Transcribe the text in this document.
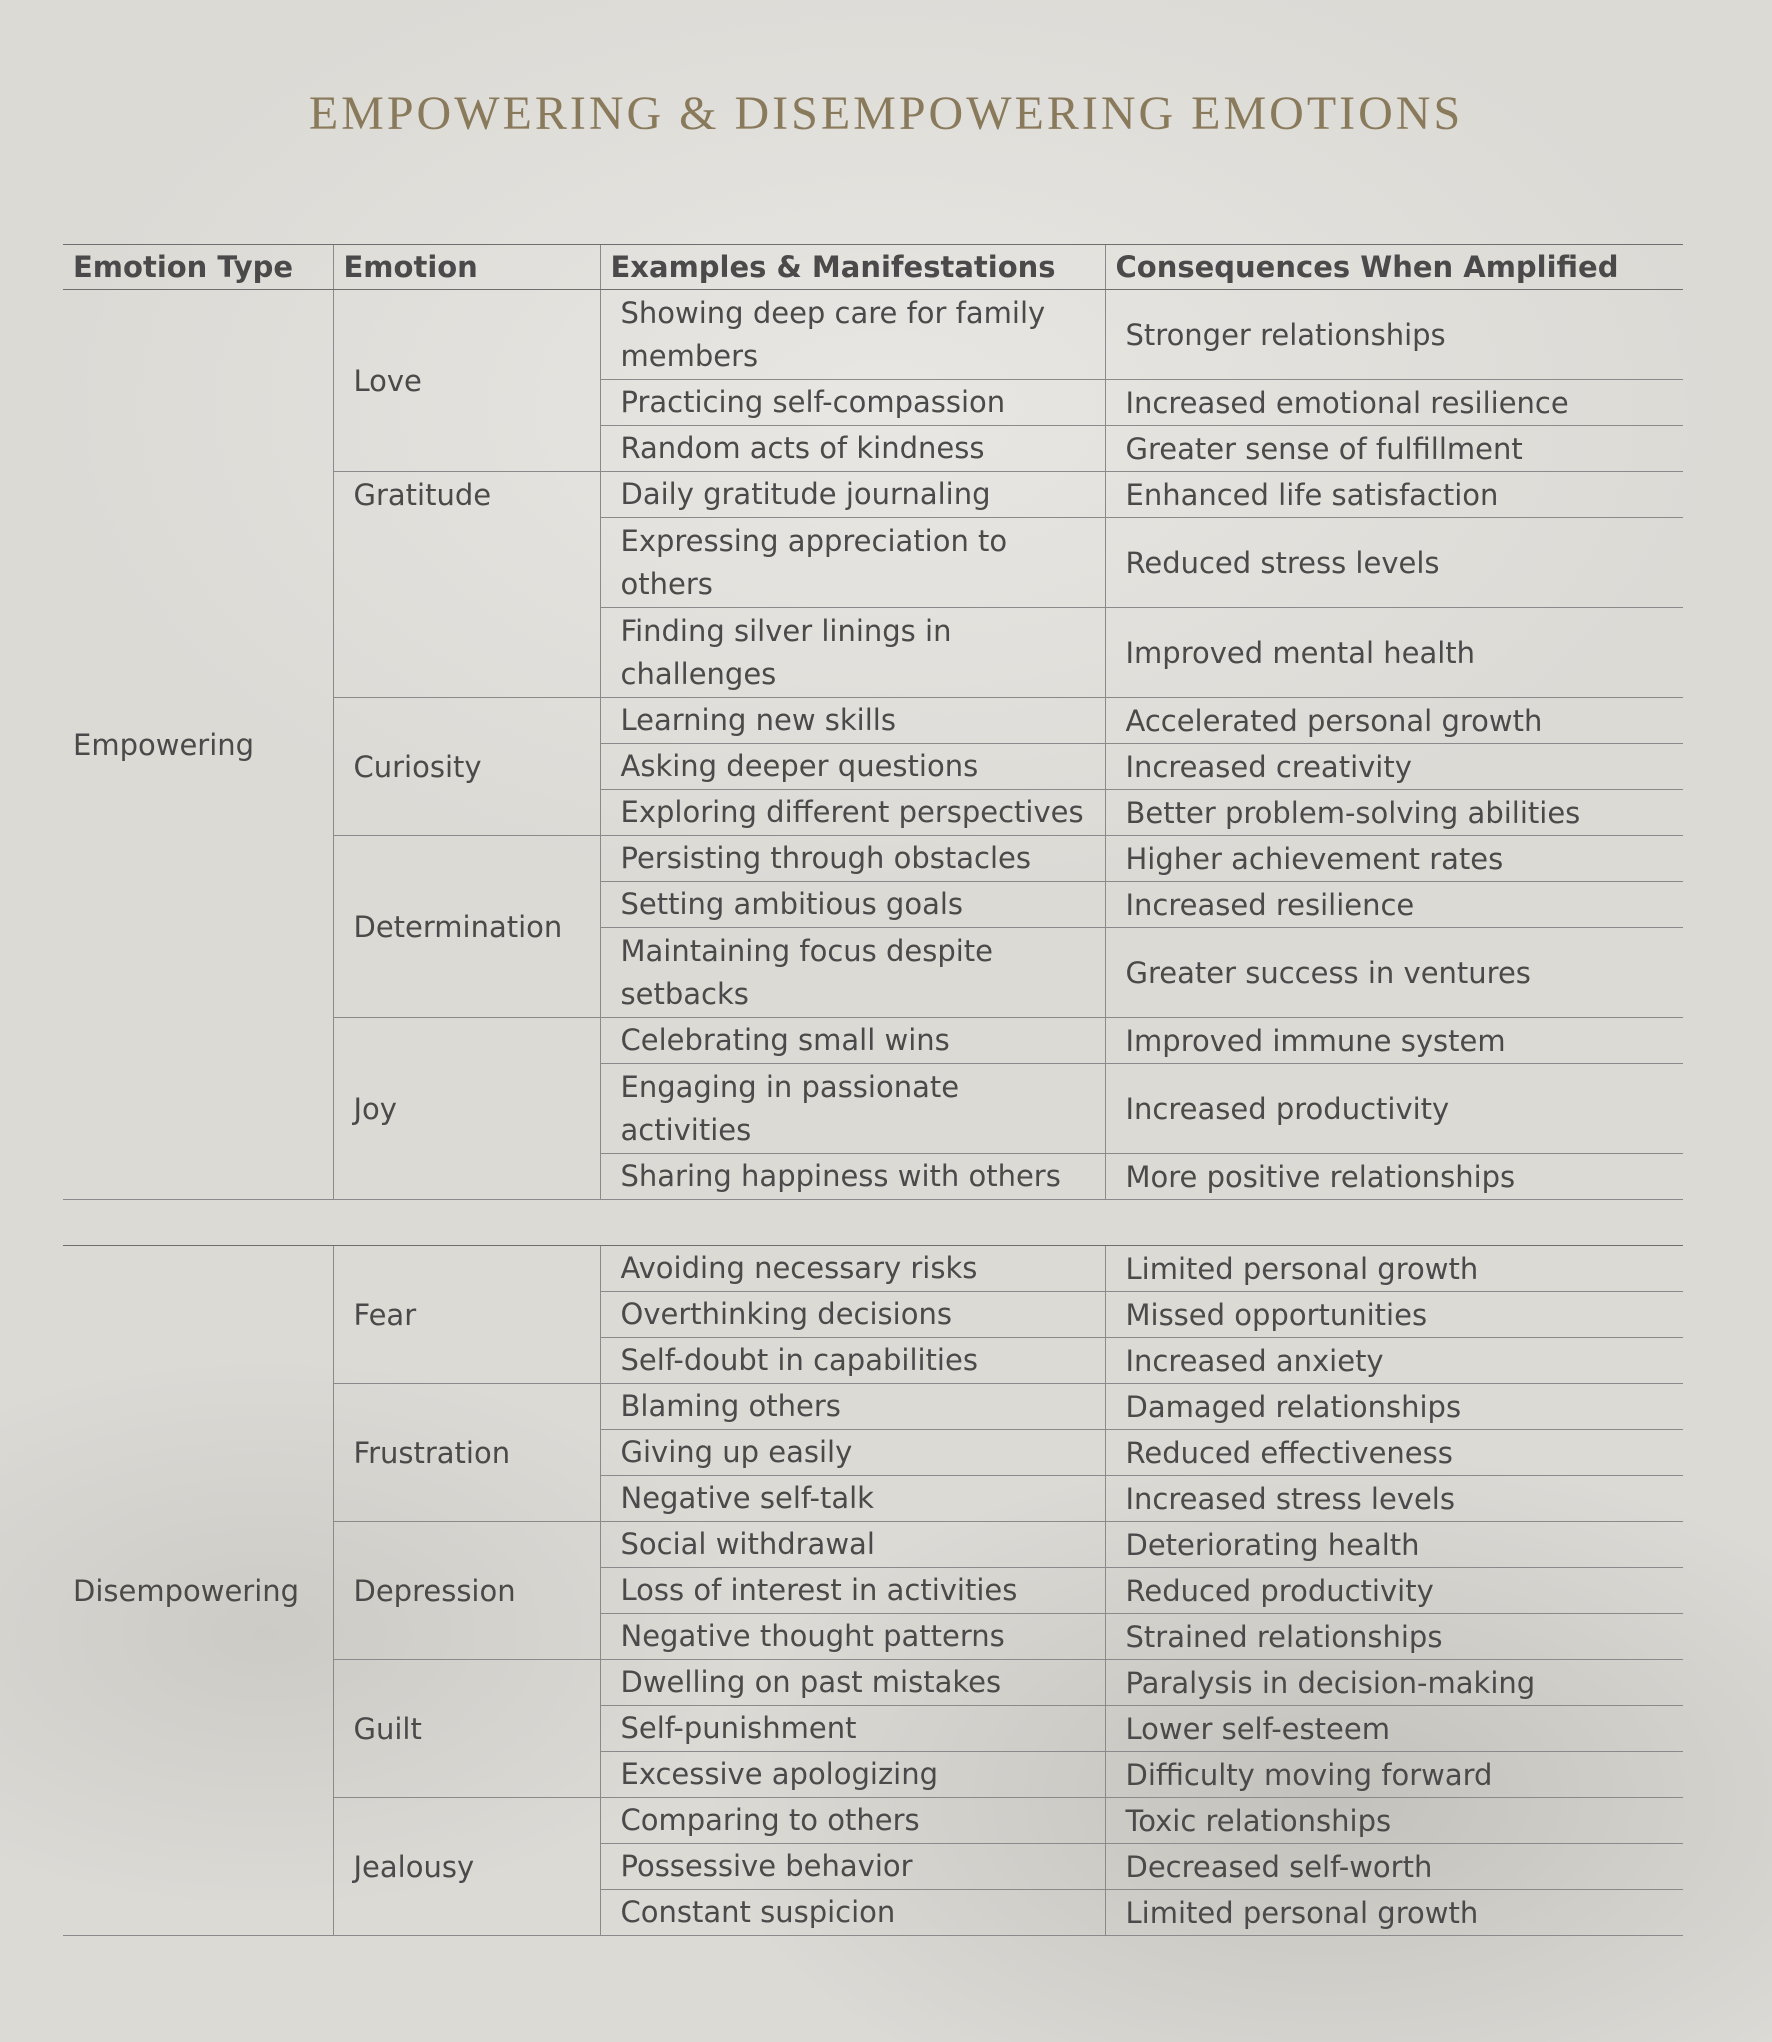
EMPOWERING & DISEMPOWERING EMOTIONS
Emotion Type	Emotion	Examples & Manifestations	Consequences When Amplified
Empowering	Love	Showing deep care for family members	Stronger relationships
		Practicing self-compassion	Increased emotional resilience
		Random acts of kindness	Greater sense of fulfillment
	Gratitude	Daily gratitude journaling	Enhanced life satisfaction
		Expressing appreciation to others	Reduced stress levels
		Finding silver linings in challenges	Improved mental health
	Curiosity	Learning new skills	Accelerated personal growth
		Asking deeper questions	Increased creativity
		Exploring different perspectives	Better problem-solving abilities
	Determination	Persisting through obstacles	Higher achievement rates
		Setting ambitious goals	Increased resilience
		Maintaining focus despite setbacks	Greater success in ventures
	Joy	Celebrating small wins	Improved immune system
		Engaging in passionate activities	Increased productivity
		Sharing happiness with others	More positive relationships

Disempowering	Fear	Avoiding necessary risks	Limited personal growth
		Overthinking decisions	Missed opportunities
		Self-doubt in capabilities	Increased anxiety
	Frustration	Blaming others	Damaged relationships
		Giving up easily	Reduced effectiveness
		Negative self-talk	Increased stress levels
	Depression	Social withdrawal	Deteriorating health
		Loss of interest in activities	Reduced productivity
		Negative thought patterns	Strained relationships
	Guilt	Dwelling on past mistakes	Paralysis in decision-making
		Self-punishment	Lower self-esteem
		Excessive apologizing	Difficulty moving forward
	Jealousy	Comparing to others	Toxic relationships
		Possessive behavior	Decreased self-worth
		Constant suspicion	Limited personal growth
